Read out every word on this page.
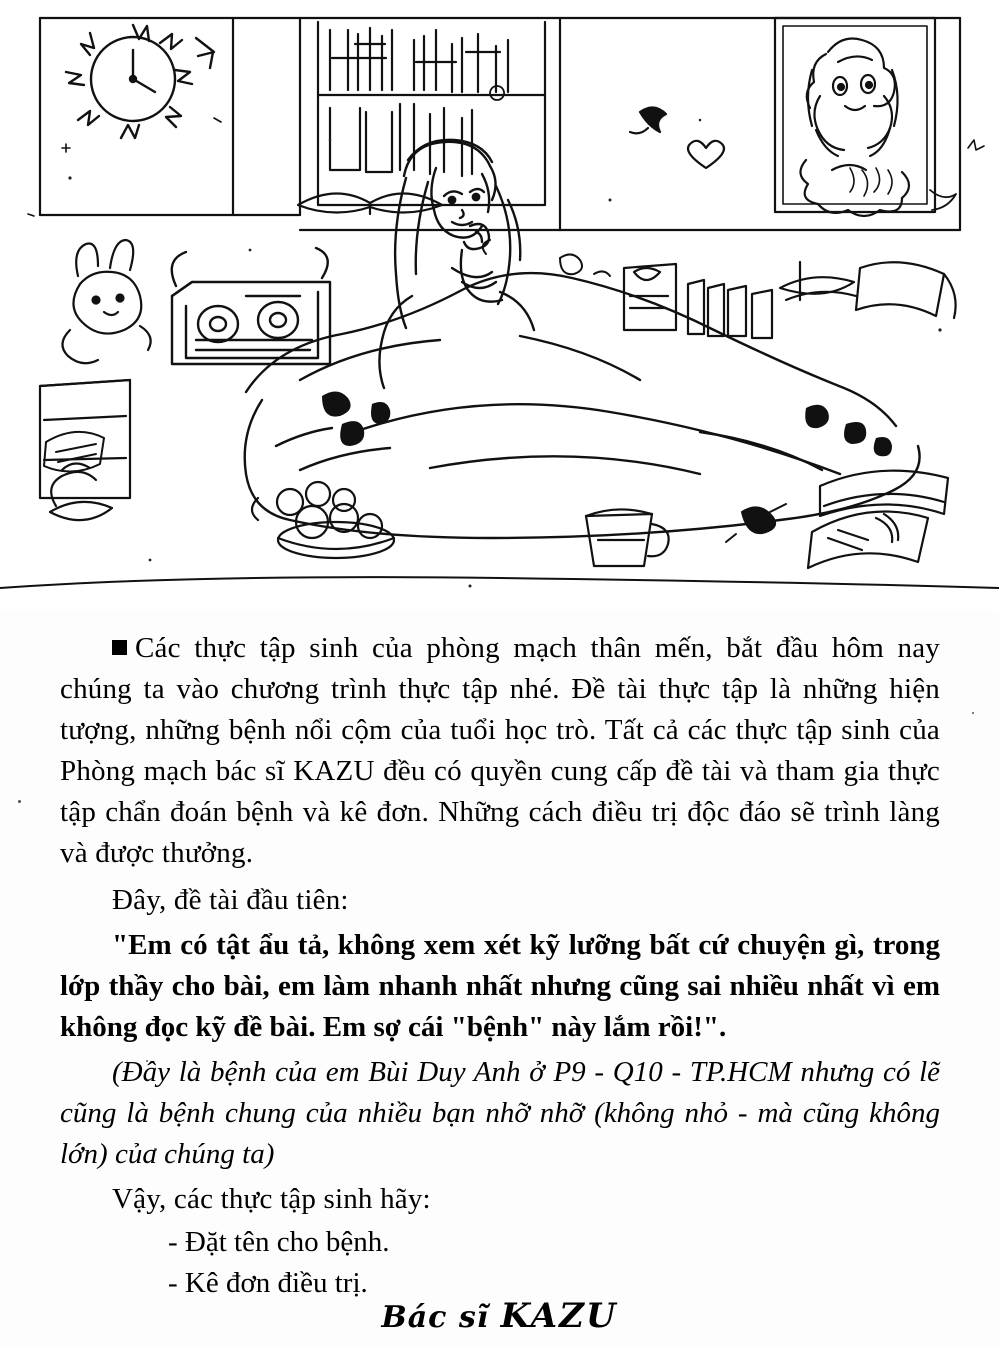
Các thực tập sinh của phòng mạch thân mến, bắt đầu hôm nay chúng ta vào chương trình thực tập nhé. Đề tài thực tập là những hiện tượng, những bệnh nổi cộm của tuổi học trò. Tất cả các thực tập sinh của Phòng mạch bác sĩ KAZU đều có quyền cung cấp đề tài và tham gia thực tập chẩn đoán bệnh và kê đơn. Những cách điều trị độc đáo sẽ trình làng và được thưởng.

Đây, đề tài đầu tiên:

"Em có tật ẩu tả, không xem xét kỹ lưỡng bất cứ chuyện gì, trong lớp thầy cho bài, em làm nhanh nhất nhưng cũng sai nhiều nhất vì em không đọc kỹ đề bài. Em sợ cái "bệnh" này lắm rồi!".

(Đây là bệnh của em Bùi Duy Anh ở P9 - Q10 - TP.HCM nhưng có lẽ cũng là bệnh chung của nhiều bạn nhỡ nhỡ (không nhỏ - mà cũng không lớn) của chúng ta)

Vậy, các thực tập sinh hãy:

- Đặt tên cho bệnh.

- Kê đơn điều trị.

Bác sĩ KAZU
